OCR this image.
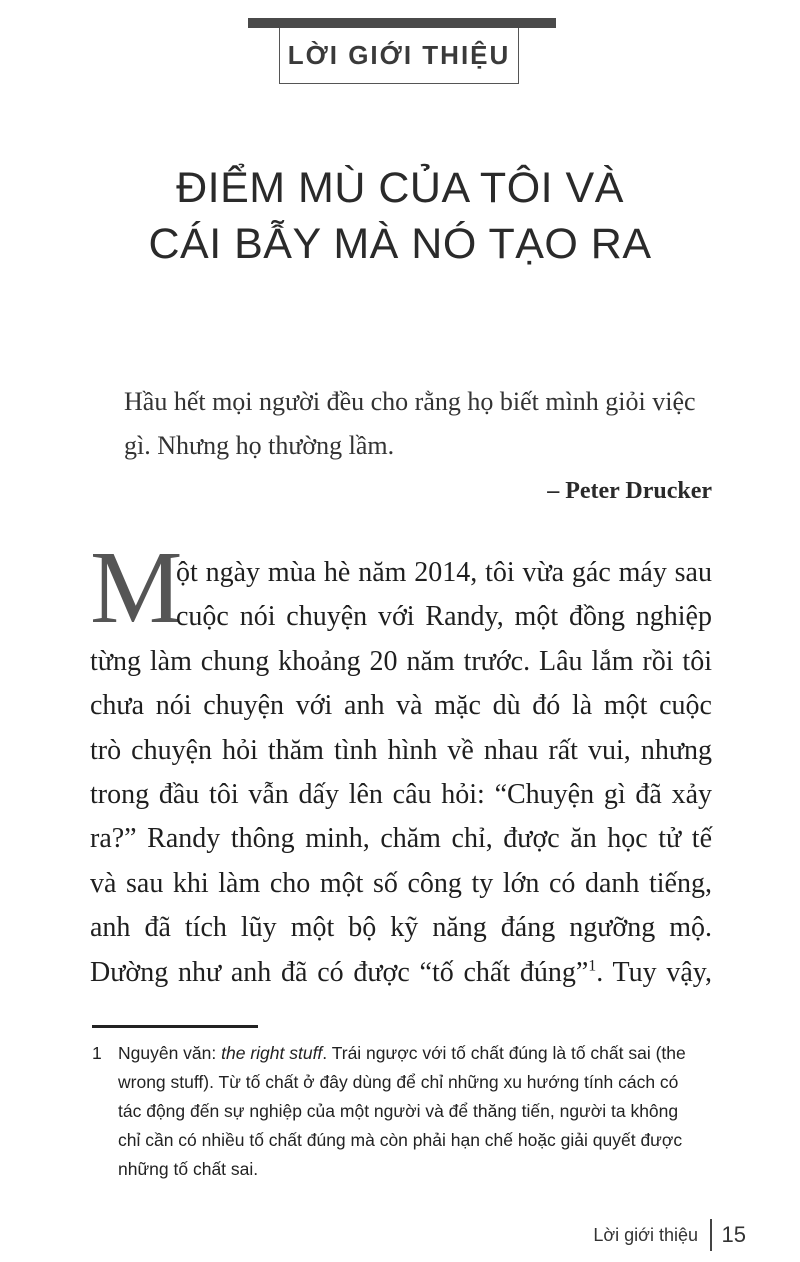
LỜI GIỚI THIỆU
ĐIỂM MÙ CỦA TÔI VÀ
CÁI BẪY MÀ NÓ TẠO RA
Hầu hết mọi người đều cho rằng họ biết mình giỏi việc
gì. Nhưng họ thường lầm.
– Peter Drucker
M
ột ngày mùa hè năm 2014, tôi vừa gác máy sau
cuộc nói chuyện với Randy, một đồng nghiệp
từng làm chung khoảng 20 năm trước. Lâu lắm rồi tôi
chưa nói chuyện với anh và mặc dù đó là một cuộc
trò chuyện hỏi thăm tình hình về nhau rất vui, nhưng
trong đầu tôi vẫn dấy lên câu hỏi: “Chuyện gì đã xảy
ra?” Randy thông minh, chăm chỉ, được ăn học tử tế
và sau khi làm cho một số công ty lớn có danh tiếng,
anh đã tích lũy một bộ kỹ năng đáng ngưỡng mộ.
Dường như anh đã có được “tố chất đúng”$^1$. Tuy vậy,
1 Nguyên văn: the right stuff. Trái ngược với tố chất đúng là tố chất sai (the
wrong stuff). Từ tố chất ở đây dùng để chỉ những xu hướng tính cách có
tác động đến sự nghiệp của một người và để thăng tiến, người ta không
chỉ cần có nhiều tố chất đúng mà còn phải hạn chế hoặc giải quyết được
những tố chất sai.
Lời giới thiệu 15
